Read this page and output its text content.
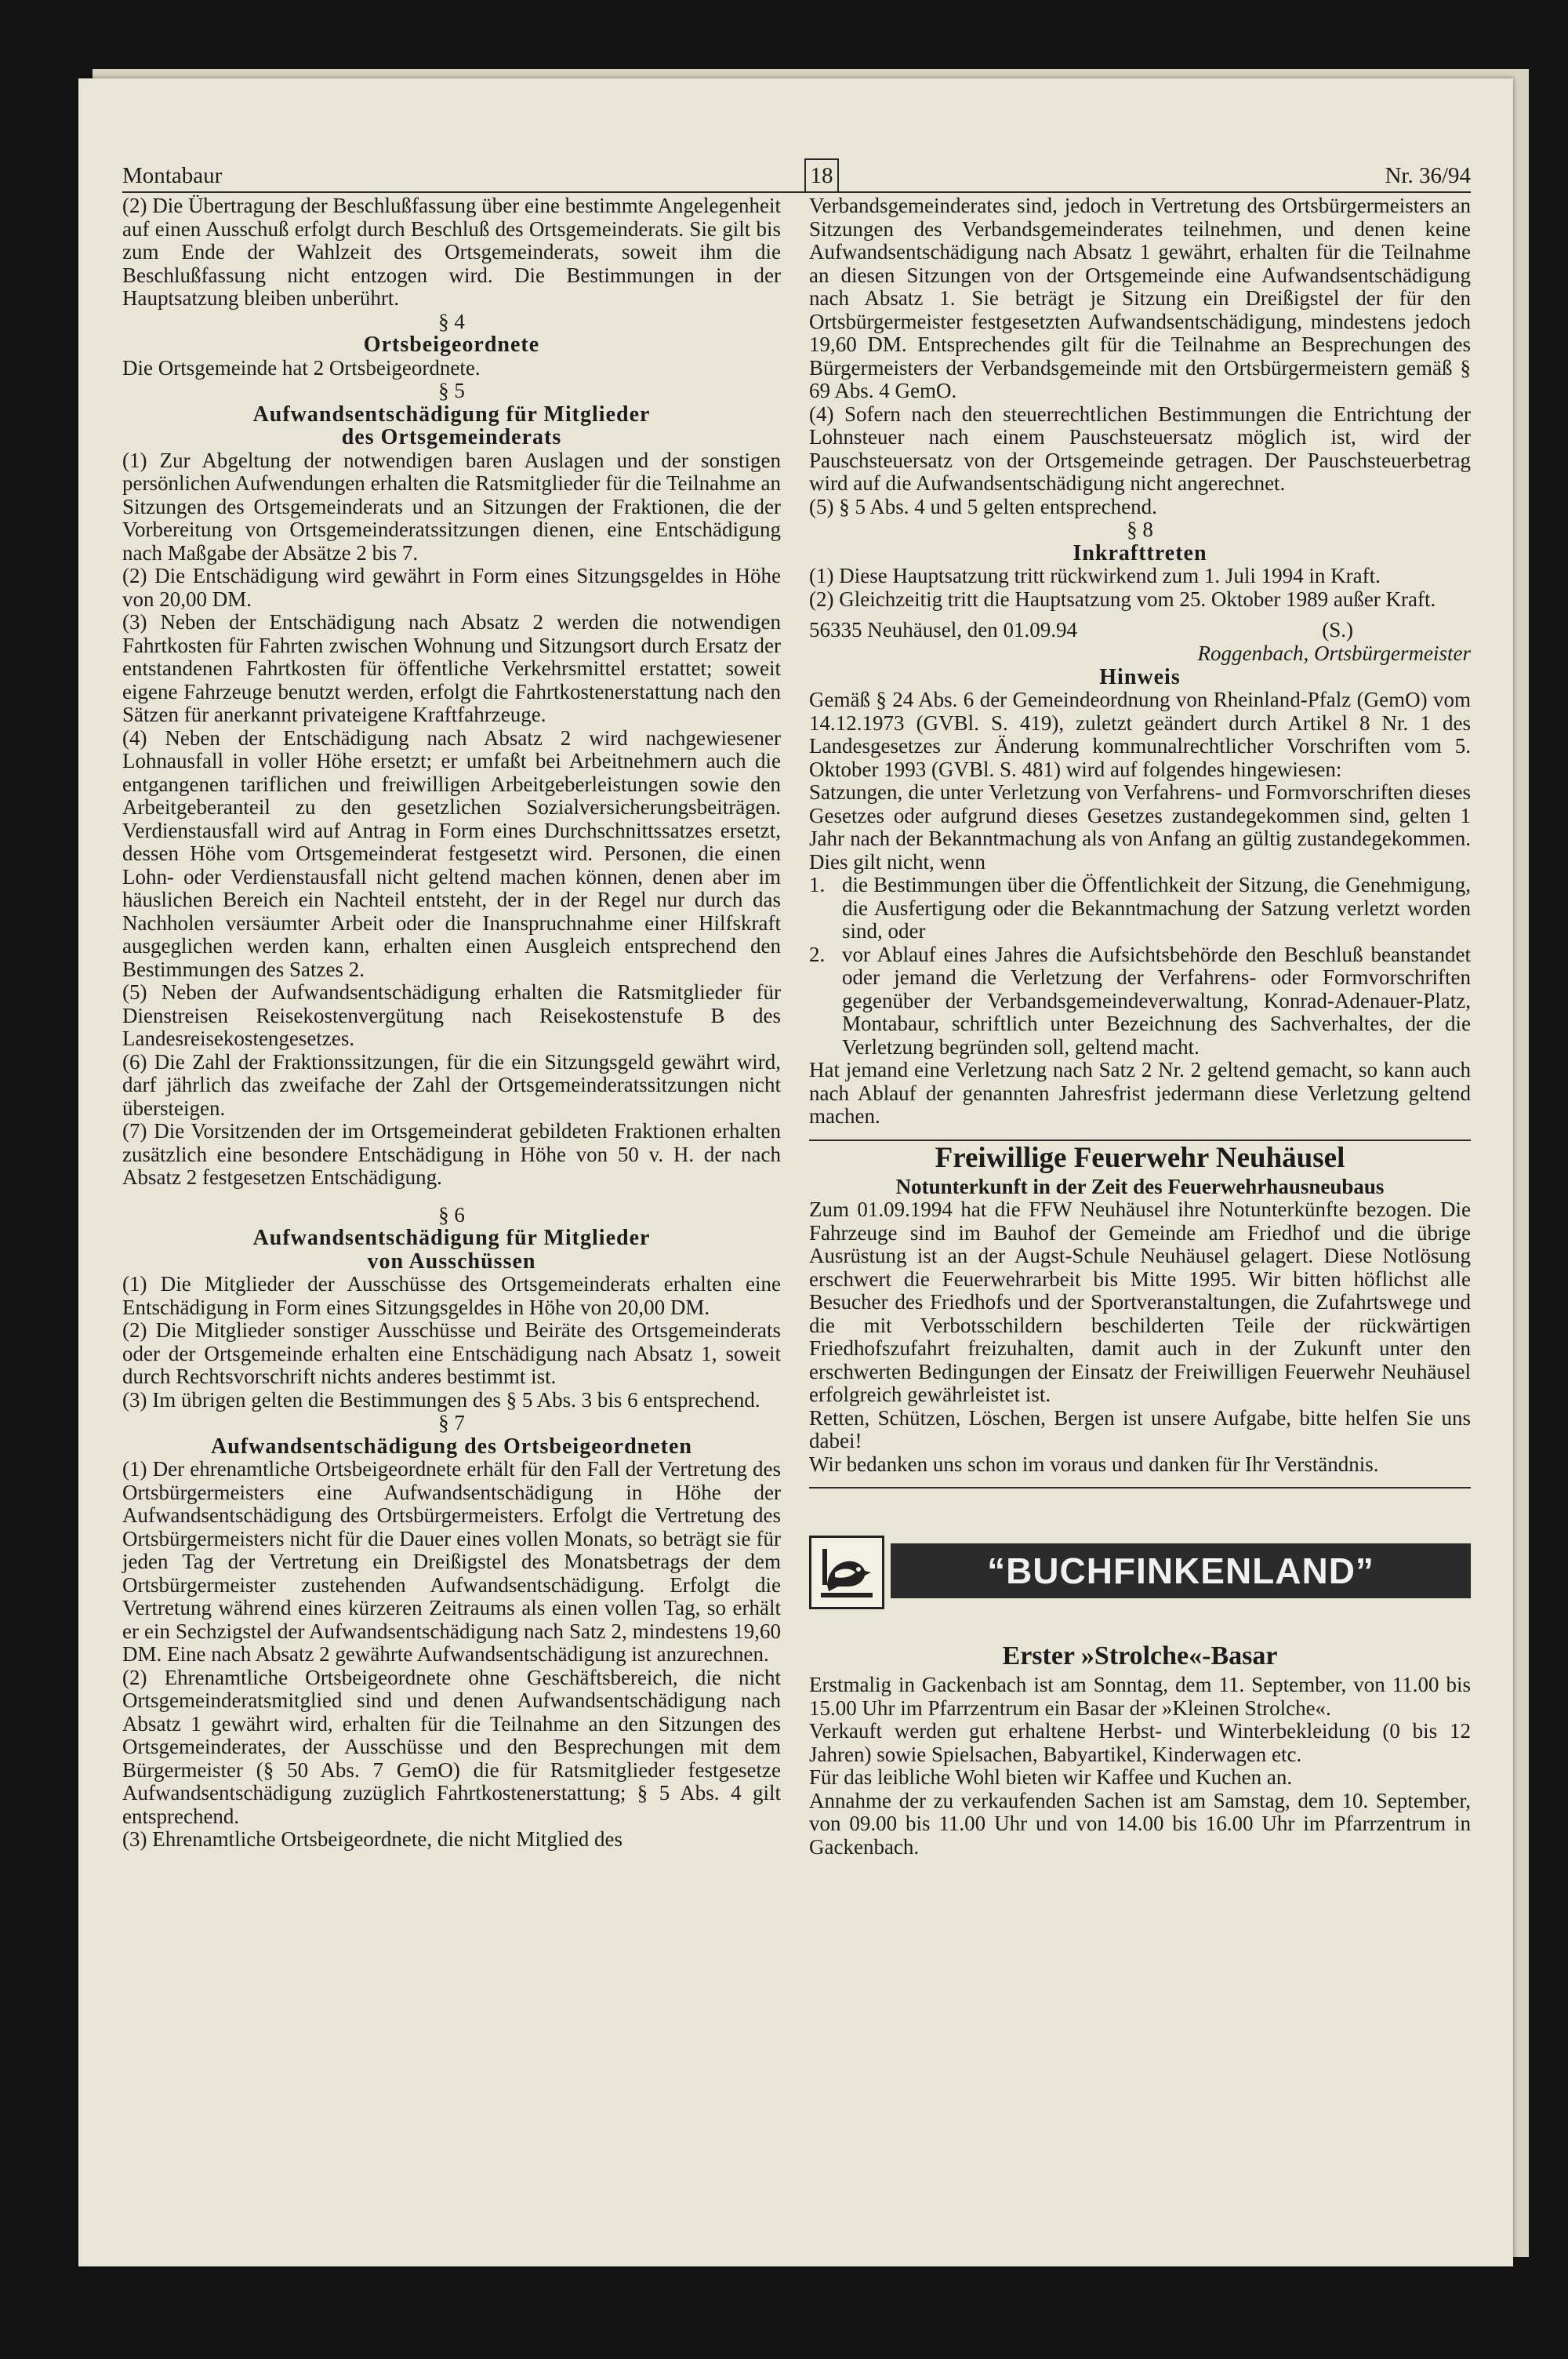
Montabaur	18	Nr. 36/94

(2) Die Übertragung der Beschlußfassung über eine bestimmte Angelegenheit auf einen Ausschuß erfolgt durch Beschluß des Ortsgemeinderats. Sie gilt bis zum Ende der Wahlzeit des Ortsgemeinderats, soweit ihm die Beschlußfassung nicht entzogen wird. Die Bestimmungen in der Hauptsatzung bleiben unberührt.

§ 4

Ortsbeigeordnete

Die Ortsgemeinde hat 2 Ortsbeigeordnete.

§ 5

Aufwandsentschädigung für Mitglieder

des Ortsgemeinderats

(1) Zur Abgeltung der notwendigen baren Auslagen und der sonstigen persönlichen Aufwendungen erhalten die Ratsmitglieder für die Teilnahme an Sitzungen des Ortsgemeinderats und an Sitzungen der Fraktionen, die der Vorbereitung von Ortsgemeinderatssitzungen dienen, eine Entschädigung nach Maßgabe der Absätze 2 bis 7.

(2) Die Entschädigung wird gewährt in Form eines Sitzungsgeldes in Höhe von 20,00 DM.

(3) Neben der Entschädigung nach Absatz 2 werden die notwendigen Fahrtkosten für Fahrten zwischen Wohnung und Sitzungsort durch Ersatz der entstandenen Fahrtkosten für öffentliche Verkehrsmittel erstattet; soweit eigene Fahrzeuge benutzt werden, erfolgt die Fahrtkostenerstattung nach den Sätzen für anerkannt privateigene Kraftfahrzeuge.

(4) Neben der Entschädigung nach Absatz 2 wird nachgewiesener Lohnausfall in voller Höhe ersetzt; er umfaßt bei Arbeitnehmern auch die entgangenen tariflichen und freiwilligen Arbeitgeberleistungen sowie den Arbeitgeberanteil zu den gesetzlichen Sozialversicherungsbeiträgen. Verdienstausfall wird auf Antrag in Form eines Durchschnittssatzes ersetzt, dessen Höhe vom Ortsgemeinderat festgesetzt wird. Personen, die einen Lohn- oder Verdienstausfall nicht geltend machen können, denen aber im häuslichen Bereich ein Nachteil entsteht, der in der Regel nur durch das Nachholen versäumter Arbeit oder die Inanspruchnahme einer Hilfskraft ausgeglichen werden kann, erhalten einen Ausgleich entsprechend den Bestimmungen des Satzes 2.

(5) Neben der Aufwandsentschädigung erhalten die Ratsmitglieder für Dienstreisen Reisekostenvergütung nach Reisekostenstufe B des Landesreisekostengesetzes.

(6) Die Zahl der Fraktionssitzungen, für die ein Sitzungsgeld gewährt wird, darf jährlich das zweifache der Zahl der Ortsgemeinderatssitzungen nicht übersteigen.

(7) Die Vorsitzenden der im Ortsgemeinderat gebildeten Fraktionen erhalten zusätzlich eine besondere Entschädigung in Höhe von 50 v. H. der nach Absatz 2 festgesetzen Entschädigung.

§ 6

Aufwandsentschädigung für Mitglieder

von Ausschüssen

(1) Die Mitglieder der Ausschüsse des Ortsgemeinderats erhalten eine Entschädigung in Form eines Sitzungsgeldes in Höhe von 20,00 DM.

(2) Die Mitglieder sonstiger Ausschüsse und Beiräte des Ortsgemeinderats oder der Ortsgemeinde erhalten eine Entschädigung nach Absatz 1, soweit durch Rechtsvorschrift nichts anderes bestimmt ist.

(3) Im übrigen gelten die Bestimmungen des § 5 Abs. 3 bis 6 entsprechend.

§ 7

Aufwandsentschädigung des Ortsbeigeordneten

(1) Der ehrenamtliche Ortsbeigeordnete erhält für den Fall der Vertretung des Ortsbürgermeisters eine Aufwandsentschädigung in Höhe der Aufwandsentschädigung des Ortsbürgermeisters. Erfolgt die Vertretung des Ortsbürgermeisters nicht für die Dauer eines vollen Monats, so beträgt sie für jeden Tag der Vertretung ein Dreißigstel des Monatsbetrags der dem Ortsbürgermeister zustehenden Aufwandsentschädigung. Erfolgt die Vertretung während eines kürzeren Zeitraums als einen vollen Tag, so erhält er ein Sechzigstel der Aufwandsentschädigung nach Satz 2, mindestens 19,60 DM. Eine nach Absatz 2 gewährte Aufwandsentschädigung ist anzurechnen.

(2) Ehrenamtliche Ortsbeigeordnete ohne Geschäftsbereich, die nicht Ortsgemeinderatsmitglied sind und denen Aufwandsentschädigung nach Absatz 1 gewährt wird, erhalten für die Teilnahme an den Sitzungen des Ortsgemeinderates, der Ausschüsse und den Besprechungen mit dem Bürgermeister (§ 50 Abs. 7 GemO) die für Ratsmitglieder festgesetze Aufwandsentschädigung zuzüglich Fahrtkostenerstattung; § 5 Abs. 4 gilt entsprechend.

(3) Ehrenamtliche Ortsbeigeordnete, die nicht Mitglied des

Verbandsgemeinderates sind, jedoch in Vertretung des Ortsbürgermeisters an Sitzungen des Verbandsgemeinderates teilnehmen, und denen keine Aufwandsentschädigung nach Absatz 1 gewährt, erhalten für die Teilnahme an diesen Sitzungen von der Ortsgemeinde eine Aufwandsentschädigung nach Absatz 1. Sie beträgt je Sitzung ein Dreißigstel der für den Ortsbürgermeister festgesetzten Aufwandsentschädigung, mindestens jedoch 19,60 DM. Entsprechendes gilt für die Teilnahme an Besprechungen des Bürgermeisters der Verbandsgemeinde mit den Ortsbürgermeistern gemäß § 69 Abs. 4 GemO.

(4) Sofern nach den steuerrechtlichen Bestimmungen die Entrichtung der Lohnsteuer nach einem Pauschsteuersatz möglich ist, wird der Pauschsteuersatz von der Ortsgemeinde getragen. Der Pauschsteuerbetrag wird auf die Aufwandsentschädigung nicht angerechnet.

(5) § 5 Abs. 4 und 5 gelten entsprechend.

§ 8

Inkrafttreten

(1) Diese Hauptsatzung tritt rückwirkend zum 1. Juli 1994 in Kraft.

(2) Gleichzeitig tritt die Hauptsatzung vom 25. Oktober 1989 außer Kraft.

56335 Neuhäusel, den 01.09.94	(S.)

Roggenbach, Ortsbürgermeister

Hinweis

Gemäß § 24 Abs. 6 der Gemeindeordnung von Rheinland-Pfalz (GemO) vom 14.12.1973 (GVBl. S. 419), zuletzt geändert durch Artikel 8 Nr. 1 des Landesgesetzes zur Änderung kommunalrechtlicher Vorschriften vom 5. Oktober 1993 (GVBl. S. 481) wird auf folgendes hingewiesen:

Satzungen, die unter Verletzung von Verfahrens- und Formvorschriften dieses Gesetzes oder aufgrund dieses Gesetzes zustandegekommen sind, gelten 1 Jahr nach der Bekanntmachung als von Anfang an gültig zustandegekommen. Dies gilt nicht, wenn

1. die Bestimmungen über die Öffentlichkeit der Sitzung, die Genehmigung, die Ausfertigung oder die Bekanntmachung der Satzung verletzt worden sind, oder
2. vor Ablauf eines Jahres die Aufsichtsbehörde den Beschluß beanstandet oder jemand die Verletzung der Verfahrens- oder Formvorschriften gegenüber der Verbandsgemeindeverwaltung, Konrad-Adenauer-Platz, Montabaur, schriftlich unter Bezeichnung des Sachverhaltes, der die Verletzung begründen soll, geltend macht.

Hat jemand eine Verletzung nach Satz 2 Nr. 2 geltend gemacht, so kann auch nach Ablauf der genannten Jahresfrist jedermann diese Verletzung geltend machen.

Freiwillige Feuerwehr Neuhäusel

Notunterkunft in der Zeit des Feuerwehrhausneubaus

Zum 01.09.1994 hat die FFW Neuhäusel ihre Notunterkünfte bezogen. Die Fahrzeuge sind im Bauhof der Gemeinde am Friedhof und die übrige Ausrüstung ist an der Augst-Schule Neuhäusel gelagert. Diese Notlösung erschwert die Feuerwehrarbeit bis Mitte 1995. Wir bitten höflichst alle Besucher des Friedhofs und der Sportveranstaltungen, die Zufahrtswege und die mit Verbotsschildern beschilderten Teile der rückwärtigen Friedhofszufahrt freizuhalten, damit auch in der Zukunft unter den erschwerten Bedingungen der Einsatz der Freiwilligen Feuerwehr Neuhäusel erfolgreich gewährleistet ist.

Retten, Schützen, Löschen, Bergen ist unsere Aufgabe, bitte helfen Sie uns dabei!

Wir bedanken uns schon im voraus und danken für Ihr Verständnis.

“BUCHFINKENLAND”

Erster »Strolche«-Basar

Erstmalig in Gackenbach ist am Sonntag, dem 11. September, von 11.00 bis 15.00 Uhr im Pfarrzentrum ein Basar der »Kleinen Strolche«.

Verkauft werden gut erhaltene Herbst- und Winterbekleidung (0 bis 12 Jahren) sowie Spielsachen, Babyartikel, Kinderwagen etc.

Für das leibliche Wohl bieten wir Kaffee und Kuchen an.

Annahme der zu verkaufenden Sachen ist am Samstag, dem 10. September, von 09.00 bis 11.00 Uhr und von 14.00 bis 16.00 Uhr im Pfarrzentrum in Gackenbach.
